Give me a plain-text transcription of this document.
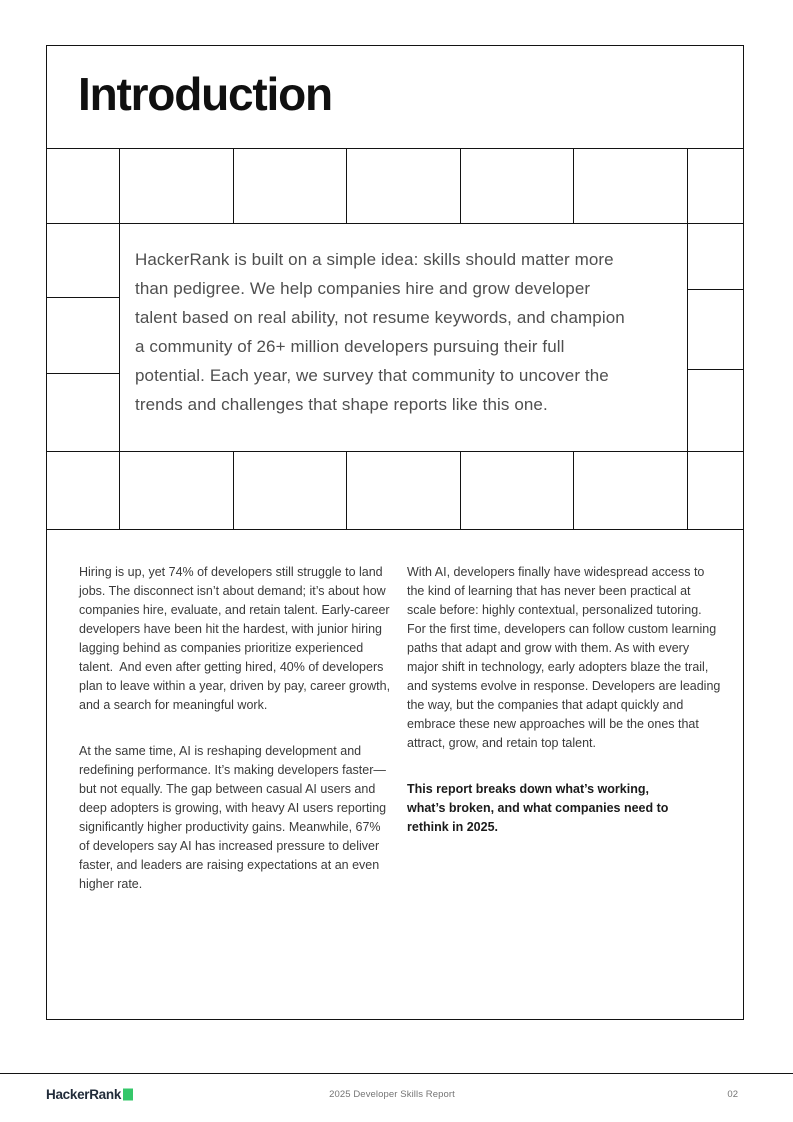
Introduction

HackerRank is built on a simple idea: skills should matter more than pedigree. We help companies hire and grow developer talent based on real ability, not resume keywords, and champion a community of 26+ million developers pursuing their full potential. Each year, we survey that community to uncover the trends and challenges that shape reports like this one.

Hiring is up, yet 74% of developers still struggle to land jobs. The disconnect isn’t about demand; it’s about how companies hire, evaluate, and retain talent. Early-career developers have been hit the hardest, with junior hiring lagging behind as companies prioritize experienced talent.  And even after getting hired, 40% of developers plan to leave within a year, driven by pay, career growth, and a search for meaningful work.

At the same time, AI is reshaping development and redefining performance. It’s making developers faster—but not equally. The gap between casual AI users and deep adopters is growing, with heavy AI users reporting significantly higher productivity gains. Meanwhile, 67% of developers say AI has increased pressure to deliver faster, and leaders are raising expectations at an even higher rate.

With AI, developers finally have widespread access to the kind of learning that has never been practical at scale before: highly contextual, personalized tutoring. For the first time, developers can follow custom learning paths that adapt and grow with them. As with every major shift in technology, early adopters blaze the trail, and systems evolve in response. Developers are leading the way, but the companies that adapt quickly and embrace these new approaches will be the ones that attract, grow, and retain top talent.

This report breaks down what’s working, what’s broken, and what companies need to rethink in 2025.

HackerRank	2025 Developer Skills Report	02
